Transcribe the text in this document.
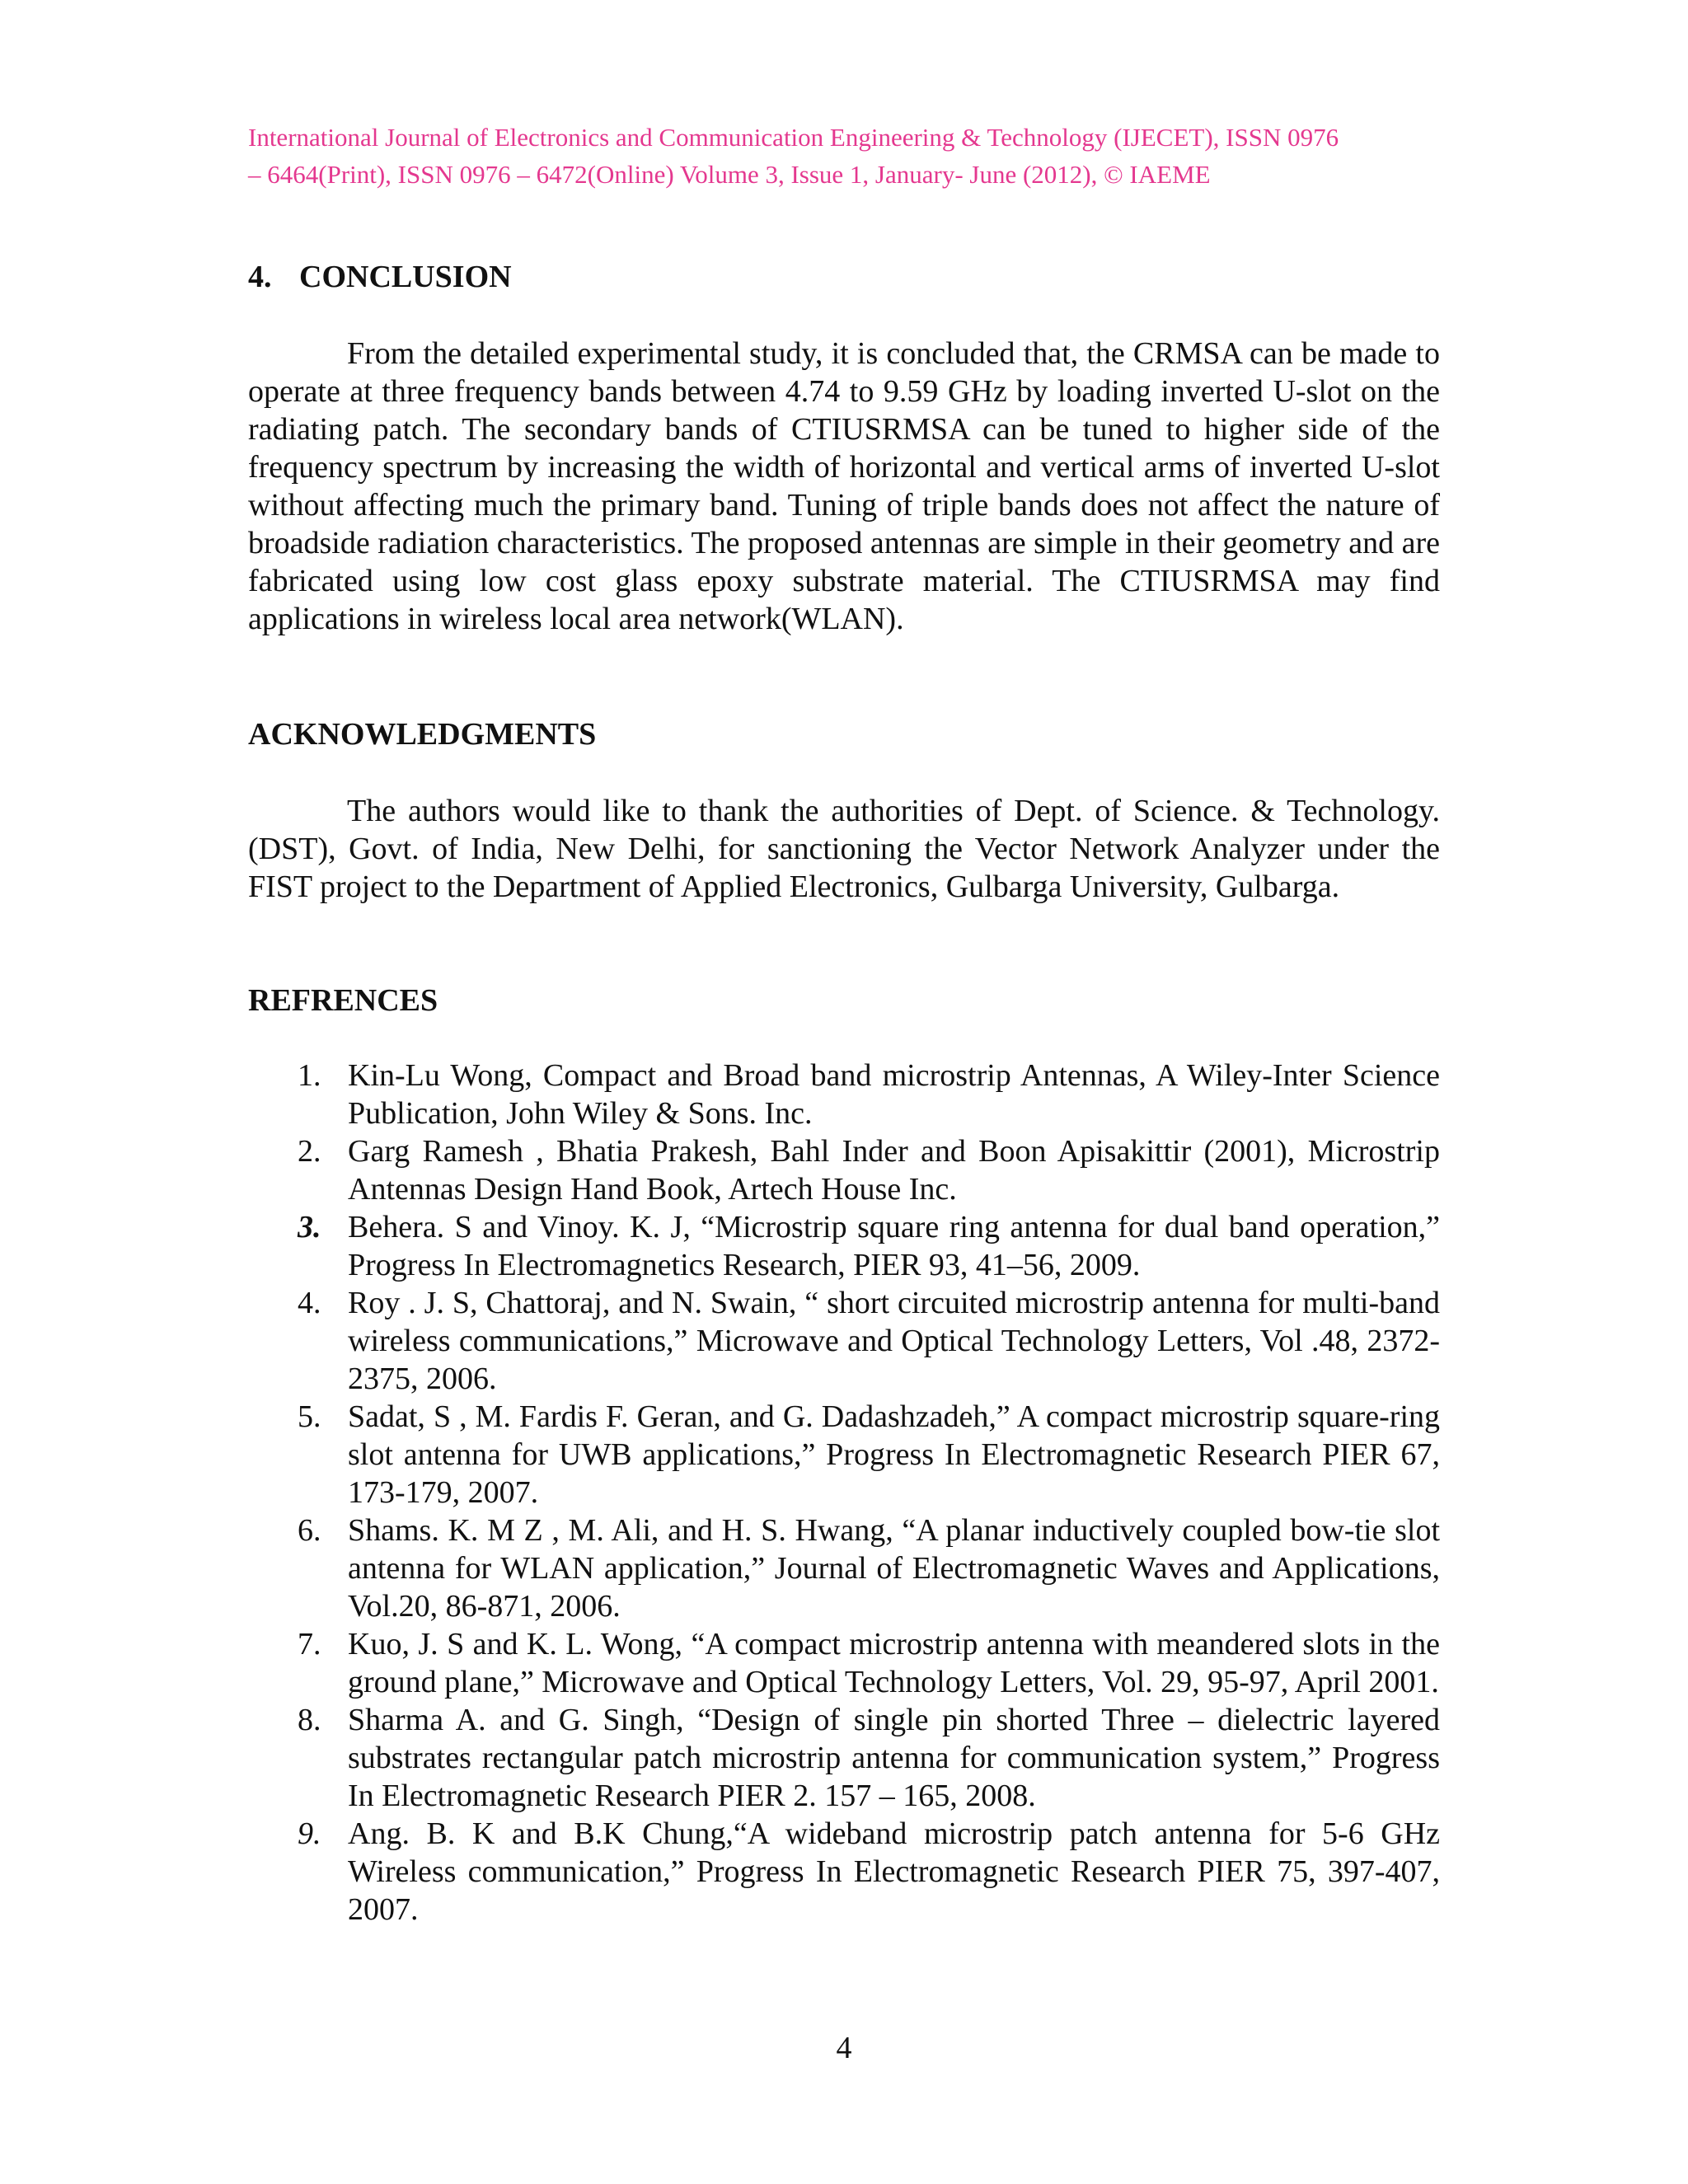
International Journal of Electronics and Communication Engineering & Technology (IJECET), ISSN 0976
– 6464(Print), ISSN 0976 – 6472(Online) Volume 3, Issue 1, January- June (2012), © IAEME
4. CONCLUSION

From the detailed experimental study, it is concluded that, the CRMSA can be made to operate at three frequency bands between 4.74 to 9.59 GHz by loading inverted U-slot on the radiating patch. The secondary bands of CTIUSRMSA can be tuned to higher side of the frequency spectrum by increasing the width of horizontal and vertical arms of inverted U-slot without affecting much the primary band. Tuning of triple bands does not affect the nature of broadside radiation characteristics. The proposed antennas are simple in their geometry and are fabricated using low cost glass epoxy substrate material. The CTIUSRMSA may find applications in wireless local area network(WLAN).

ACKNOWLEDGMENTS

The authors would like to thank the authorities of Dept. of Science. & Technology. (DST), Govt. of India, New Delhi, for sanctioning the Vector Network Analyzer under the FIST project to the Department of Applied Electronics, Gulbarga University, Gulbarga.

REFRENCES
1. Kin-Lu Wong, Compact and Broad band microstrip Antennas, A Wiley-Inter Science Publication, John Wiley & Sons. Inc.
2. Garg Ramesh , Bhatia Prakesh, Bahl Inder and Boon Apisakittir (2001), Microstrip Antennas Design Hand Book, Artech House Inc.
3. Behera. S and Vinoy. K. J, “Microstrip square ring antenna for dual band operation,” Progress In Electromagnetics Research, PIER 93, 41–56, 2009.
4. Roy . J. S, Chattoraj, and N. Swain, “ short circuited microstrip antenna for multi-band wireless communications,” Microwave and Optical Technology Letters, Vol .48, 2372-2375, 2006.
5. Sadat, S , M. Fardis F. Geran, and G. Dadashzadeh,” A compact microstrip square-ring slot antenna for UWB applications,” Progress In Electromagnetic Research PIER 67, 173-179, 2007.
6. Shams. K. M Z , M. Ali, and H. S. Hwang, “A planar inductively coupled bow-tie slot antenna for WLAN application,” Journal of Electromagnetic Waves and Applications, Vol.20, 86-871, 2006.
7. Kuo, J. S and K. L. Wong, “A compact microstrip antenna with meandered slots in the ground plane,” Microwave and Optical Technology Letters, Vol. 29, 95-97, April 2001.
8. Sharma A. and G. Singh, “Design of single pin shorted Three – dielectric layered substrates rectangular patch microstrip antenna for communication system,” Progress In Electromagnetic Research PIER 2. 157 – 165, 2008.
9. Ang. B. K and B.K Chung,“A wideband microstrip patch antenna for 5-6 GHz Wireless communication,” Progress In Electromagnetic Research PIER 75, 397-407, 2007.
4
